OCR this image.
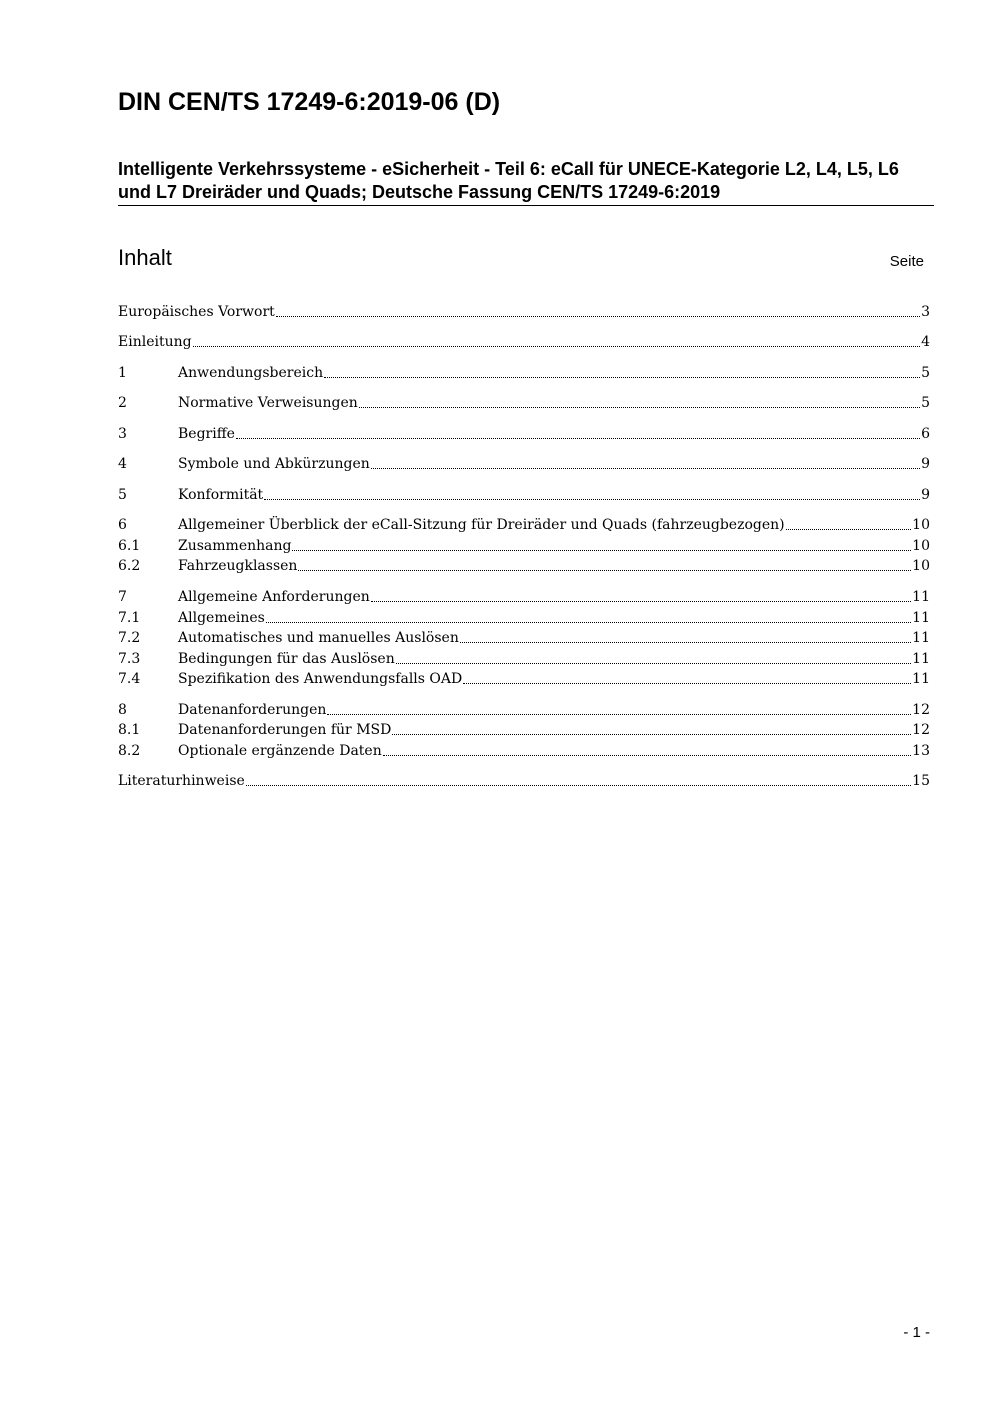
DIN CEN/TS 17249-6:2019-06 (D)

Intelligente Verkehrssysteme - eSicherheit - Teil 6: eCall für UNECE-Kategorie L2, L4, L5, L6 und L7 Dreiräder und Quads; Deutsche Fassung CEN/TS 17249-6:2019

Inhalt	Seite
Europäisches Vorwort	3
Einleitung	4
1	Anwendungsbereich	5
2	Normative Verweisungen	5
3	Begriffe	6
4	Symbole und Abkürzungen	9
5	Konformität	9
6	Allgemeiner Überblick der eCall-Sitzung für Dreiräder und Quads (fahrzeugbezogen)	10
6.1	Zusammenhang	10
6.2	Fahrzeugklassen	10
7	Allgemeine Anforderungen	11
7.1	Allgemeines	11
7.2	Automatisches und manuelles Auslösen	11
7.3	Bedingungen für das Auslösen	11
7.4	Spezifikation des Anwendungsfalls OAD	11
8	Datenanforderungen	12
8.1	Datenanforderungen für MSD	12
8.2	Optionale ergänzende Daten	13
Literaturhinweise	15
- 1 -
